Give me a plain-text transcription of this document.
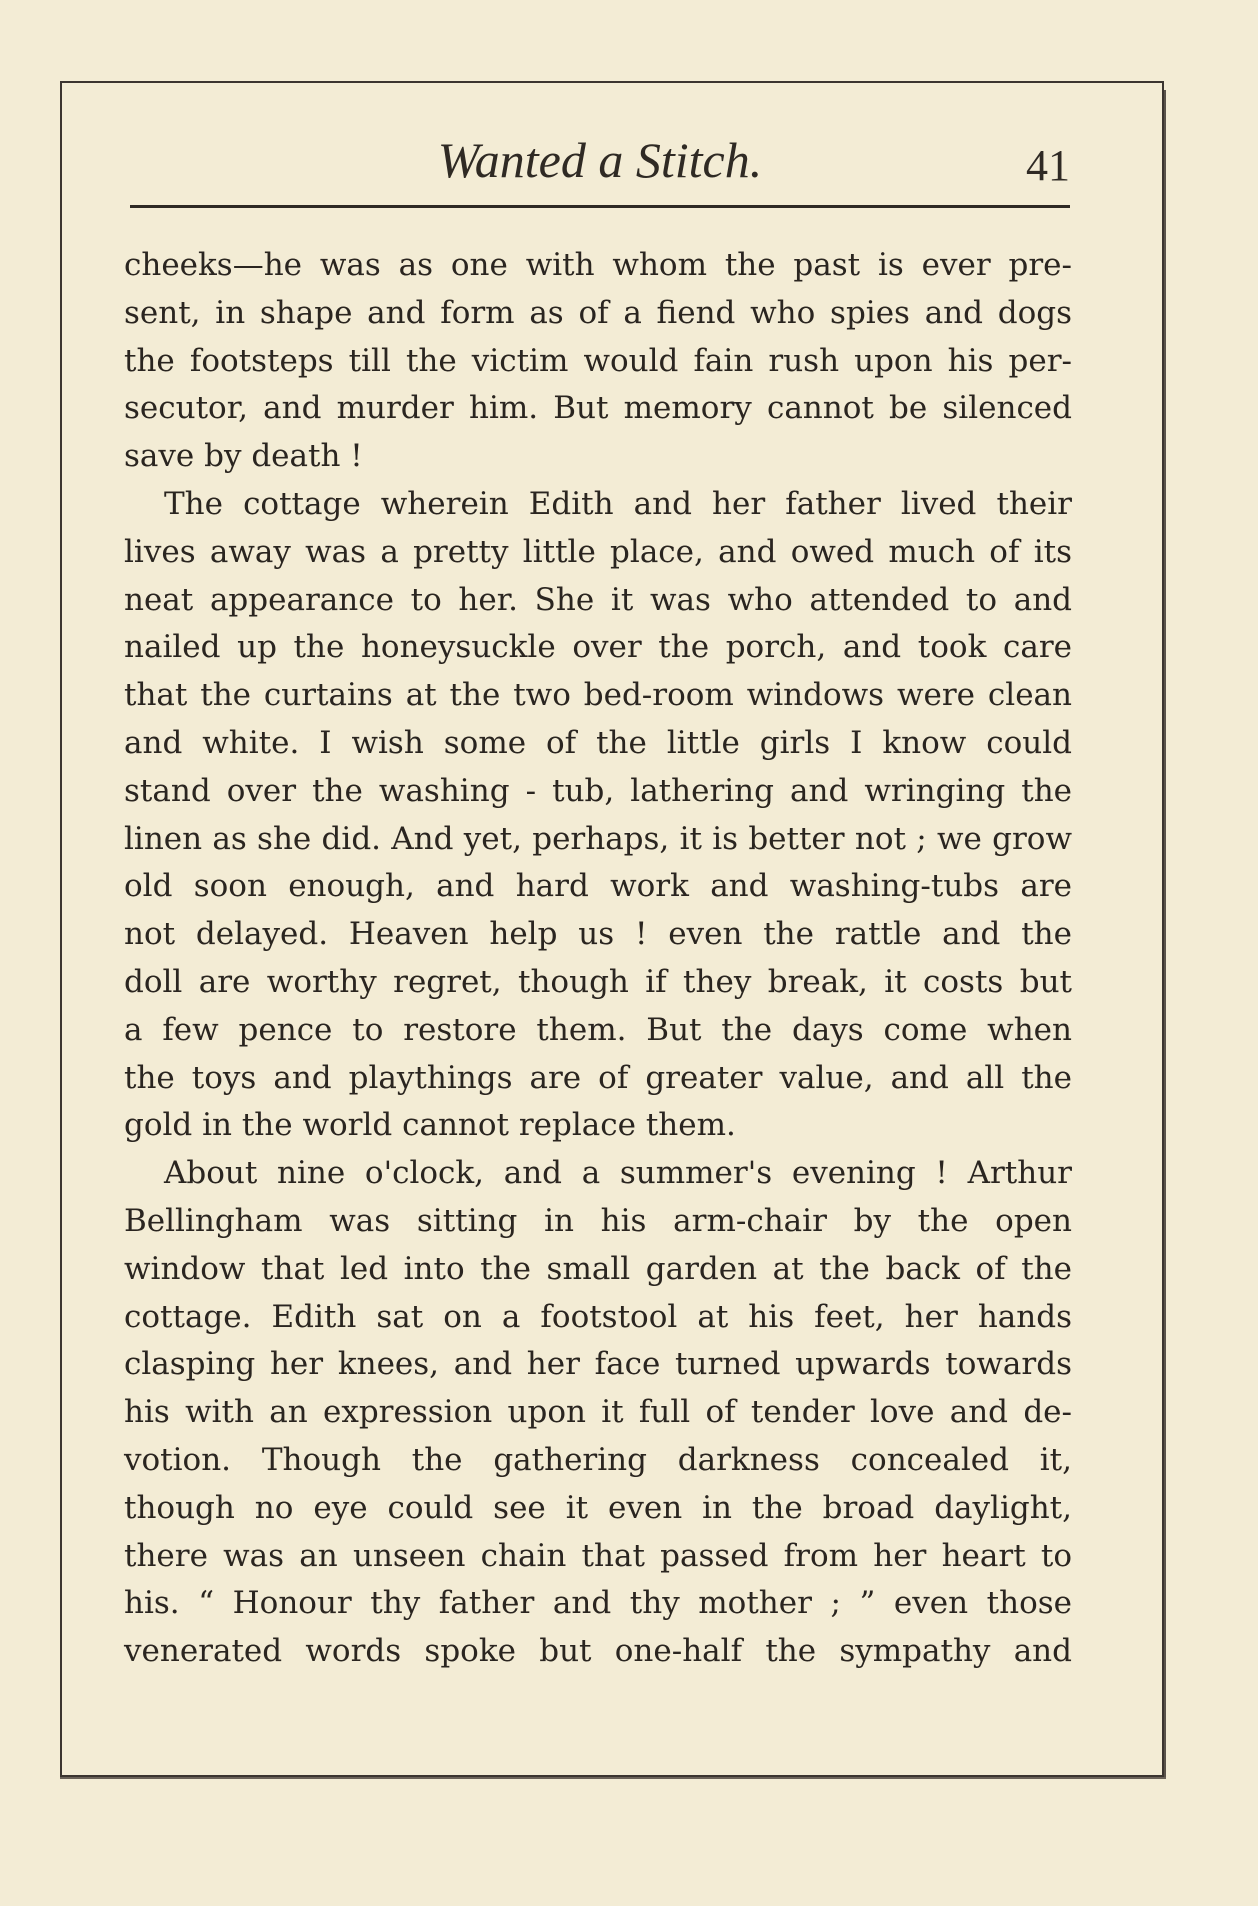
Wanted a Stitch.	41
cheeks—he was as one with whom the past is ever pre-
sent, in shape and form as of a fiend who spies and dogs
the footsteps till the victim would fain rush upon his per-
secutor, and murder him. But memory cannot be silenced
save by death !
The cottage wherein Edith and her father lived their
lives away was a pretty little place, and owed much of its
neat appearance to her. She it was who attended to and
nailed up the honeysuckle over the porch, and took care
that the curtains at the two bed-room windows were clean
and white. I wish some of the little girls I know could
stand over the washing - tub, lathering and wringing the
linen as she did. And yet, perhaps, it is better not ; we grow
old soon enough, and hard work and washing-tubs are
not delayed. Heaven help us ! even the rattle and the
doll are worthy regret, though if they break, it costs but
a few pence to restore them. But the days come when
the toys and playthings are of greater value, and all the
gold in the world cannot replace them.
About nine o'clock, and a summer's evening ! Arthur
Bellingham was sitting in his arm-chair by the open
window that led into the small garden at the back of the
cottage. Edith sat on a footstool at his feet, her hands
clasping her knees, and her face turned upwards towards
his with an expression upon it full of tender love and de-
votion. Though the gathering darkness concealed it,
though no eye could see it even in the broad daylight,
there was an unseen chain that passed from her heart to
his. “ Honour thy father and thy mother ; ” even those
venerated words spoke but one-half the sympathy and
